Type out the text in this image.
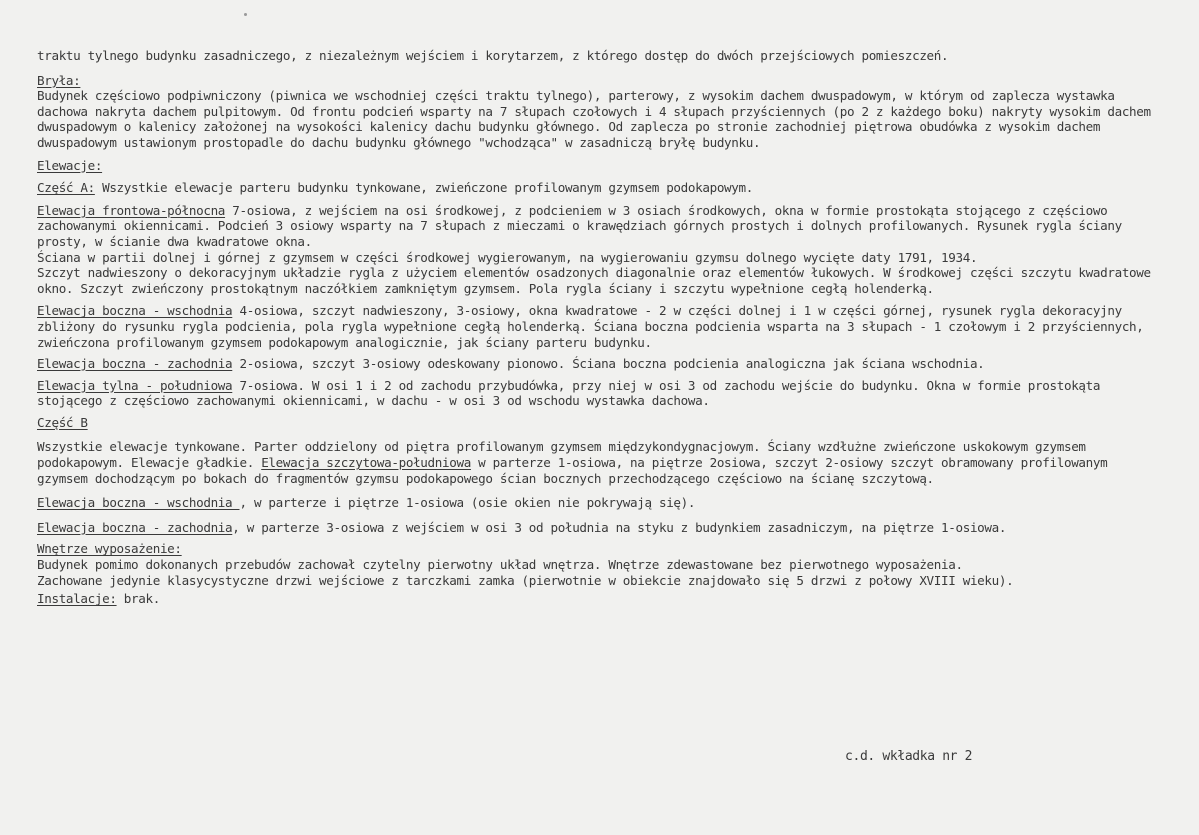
traktu tylnego budynku zasadniczego, z niezależnym wejściem i korytarzem, z którego dostęp do dwóch przejściowych pomieszczeń.

Bryła:

Budynek częściowo podpiwniczony (piwnica we wschodniej części traktu tylnego), parterowy, z wysokim dachem dwuspadowym, w którym od zaplecza wystawka dachowa nakryta dachem pulpitowym. Od frontu podcień wsparty na 7 słupach czołowych i 4 słupach przyściennych (po 2 z każdego boku) nakryty wysokim dachem dwuspadowym o kalenicy założonej na wysokości kalenicy dachu budynku głównego. Od zaplecza po stronie zachodniej piętrowa obudówka z wysokim dachem dwuspadowym ustawionym prostopadle do dachu budynku głównego "wchodząca" w zasadniczą bryłę budynku.

Elewacje:

Część A: Wszystkie elewacje parteru budynku tynkowane, zwieńczone profilowanym gzymsem podokapowym.

Elewacja frontowa-północna 7-osiowa, z wejściem na osi środkowej, z podcieniem w 3 osiach środkowych, okna w formie prostokąta stojącego z częściowo zachowanymi okiennicami. Podcień 3 osiowy wsparty na 7 słupach z mieczami o krawędziach górnych prostych i dolnych profilowanych. Rysunek rygla ściany prosty, w ścianie dwa kwadratowe okna.
Ściana w partii dolnej i górnej z gzymsem w części środkowej wygierowanym, na wygierowaniu gzymsu dolnego wycięte daty 1791, 1934.

Szczyt nadwieszony o dekoracyjnym układzie rygla z użyciem elementów osadzonych diagonalnie oraz elementów łukowych. W środkowej części szczytu kwadratowe okno. Szczyt zwieńczony prostokątnym naczółkiem zamkniętym gzymsem. Pola rygla ściany i szczytu wypełnione cegłą holenderką.

Elewacja boczna - wschodnia 4-osiowa, szczyt nadwieszony, 3-osiowy, okna kwadratowe - 2 w części dolnej i 1 w części górnej, rysunek rygla dekoracyjny zbliżony do rysunku rygla podcienia, pola rygla wypełnione cegłą holenderką. Ściana boczna podcienia wsparta na 3 słupach - 1 czołowym i 2 przyściennych, zwieńczona profilowanym gzymsem podokapowym analogicznie, jak ściany parteru budynku.

Elewacja boczna - zachodnia 2-osiowa, szczyt 3-osiowy odeskowany pionowo. Ściana boczna podcienia analogiczna jak ściana wschodnia.

Elewacja tylna - południowa 7-osiowa. W osi 1 i 2 od zachodu przybudówka, przy niej w osi 3 od zachodu wejście do budynku. Okna w formie prostokąta stojącego z częściowo zachowanymi okiennicami, w dachu - w osi 3 od wschodu wystawka dachowa.

Część B

Wszystkie elewacje tynkowane. Parter oddzielony od piętra profilowanym gzymsem międzykondygnacjowym. Ściany wzdłużne zwieńczone uskokowym gzymsem podokapowym. Elewacje gładkie. Elewacja szczytowa-południowa w parterze 1-osiowa, na piętrze 2osiowa, szczyt 2-osiowy szczyt obramowany profilowanym gzymsem dochodzącym po bokach do fragmentów gzymsu podokapowego ścian bocznych przechodzącego częściowo na ścianę szczytową.

Elewacja boczna - wschodnia , w parterze i piętrze 1-osiowa (osie okien nie pokrywają się).

Elewacja boczna - zachodnia, w parterze 3-osiowa z wejściem w osi 3 od południa na styku z budynkiem zasadniczym, na piętrze 1-osiowa.

Wnętrze wyposażenie:
Budynek pomimo dokonanych przebudów zachował czytelny pierwotny układ wnętrza. Wnętrze zdewastowane bez pierwotnego wyposażenia.
Zachowane jedynie klasycystyczne drzwi wejściowe z tarczkami zamka (pierwotnie w obiekcie znajdowało się 5 drzwi z połowy XVIII wieku).

Instalacje: brak.

c.d. wkładka nr 2
